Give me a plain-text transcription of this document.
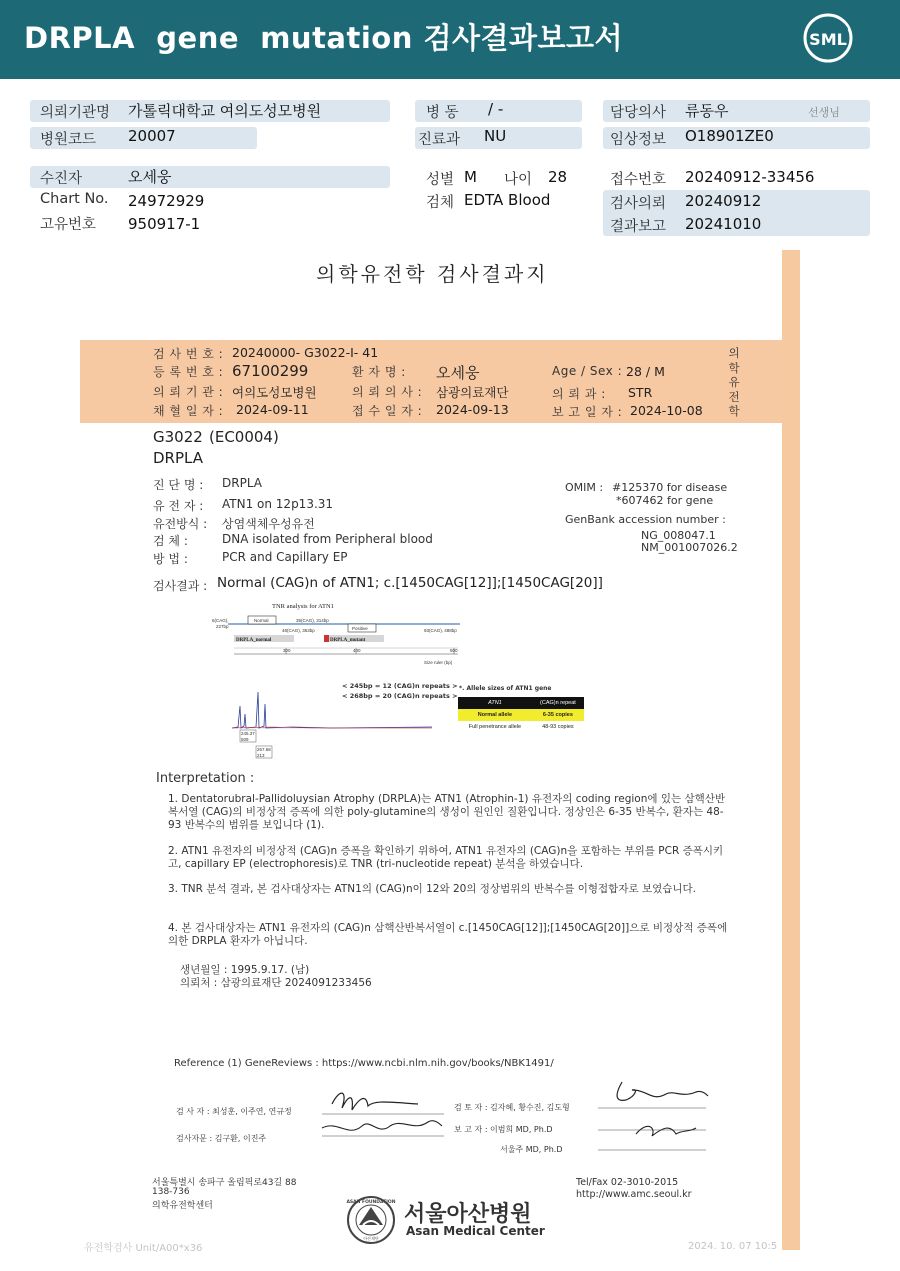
DRPLA  gene  mutation 검사결과보고서	SML
의뢰기관명 가톨릭대학교 여의도성모병원
병원코드 20007
병 동 / -
진료과 NU
담당의사 류동우	선생님
임상정보 O18901ZE0
수진자	오세웅
Chart No. 24972929
고유번호 950917-1
성별 M 나이 28
검체 EDTA Blood
접수번호 20240912-33456
검사의뢰 20240912
결과보고 20241010
의학유전학 검사결과지
검 사 번 호 : 20240000- G3022-I- 41
등 록 번 호 : 67100299	환 자 명 : 오세웅	Age / Sex : 28 / M
의 뢰 기 관 : 여의도성모병원	의 뢰 의 사 : 삼광의료재단	의 뢰 과 : STR
채 혈 일 자 : 2024-09-11	접 수 일 자 : 2024-09-13	보 고 일 자 : 2024-10-08
의학유전학
G3022 (EC0004)
DRPLA
진 단 명 : DRPLA
유 전 자 : ATN1 on 12p13.31
유전방식 : 상염색체우성유전
검 체 :	DNA isolated from Peripheral blood
방 법 :	PCR and Capillary EP
OMIM : #125370 for disease
*607462 for gene
GenBank accession number :
NG_008047.1
NM_001007026.2
검사결과 : Normal (CAG)n of ATN1; c.[1450CAG[12]];[1450CAG[20]]
TNR analysis for ATN1
6(CAG),
227bp
Normal	35(CAG), 314bp
48(CAG), 353bp	Positive	93(CAG), 488bp
DRPLA_normal	DRPLA_mutant
300	400	500
Size ruler (bp)
< 245bp = 12 (CAG)n repeats >
< 268bp = 20 (CAG)n repeats >
245.37
509
267.68
213
*. Allele sizes of ATN1 gene
ATN1	(CAG)n repeat
Normal allele	6-35 copies
Full penetrance allele	48-93 copies
Interpretation :
1. Dentatorubral-Pallidoluysian Atrophy (DRPLA)는 ATN1 (Atrophin-1) 유전자의 coding region에 있는 삼핵산반복서열 (CAG)의 비정상적 증폭에 의한 poly-glutamine의 생성이 원인인 질환입니다. 정상인은 6-35 반복수, 환자는 48-93 반복수의 범위를 보입니다 (1).
2. ATN1 유전자의 비정상적 (CAG)n 증폭을 확인하기 위하여, ATN1 유전자의 (CAG)n을 포함하는 부위를 PCR 증폭시키고, capillary EP (electrophoresis)로 TNR (tri-nucleotide repeat) 분석을 하였습니다.
3. TNR 분석 결과, 본 검사대상자는 ATN1의 (CAG)n이 12와 20의 정상범위의 반복수를 이형접합자로 보였습니다.
4. 본 검사대상자는 ATN1 유전자의 (CAG)n 삼핵산반복서열이 c.[1450CAG[12]];[1450CAG[20]]으로 비정상적 증폭에 의한 DRPLA 환자가 아닙니다.
생년월일 : 1995.9.17. (남)
의뢰처 : 삼광의료재단 2024091233456
Reference (1) GeneReviews : https://www.ncbi.nlm.nih.gov/books/NBK1491/
검 사 자 : 최성훈, 이주연, 연규정
검사자문 : 김구환, 이진주
검 토 자 : 김자혜, 황수진, 김도형
보 고 자 : 이범희 MD, Ph.D
서울주 MD, Ph.D
서울특별시 송파구 올림픽로43길 88
138-736
의학유전학센터
Tel/Fax 02-3010-2015
http://www.amc.seoul.kr
ASAN FOUNDATION
아산재단
서울아산병원
Asan Medical Center
유전학검사 Unit/A00*x36	2024. 10. 07 10:5
